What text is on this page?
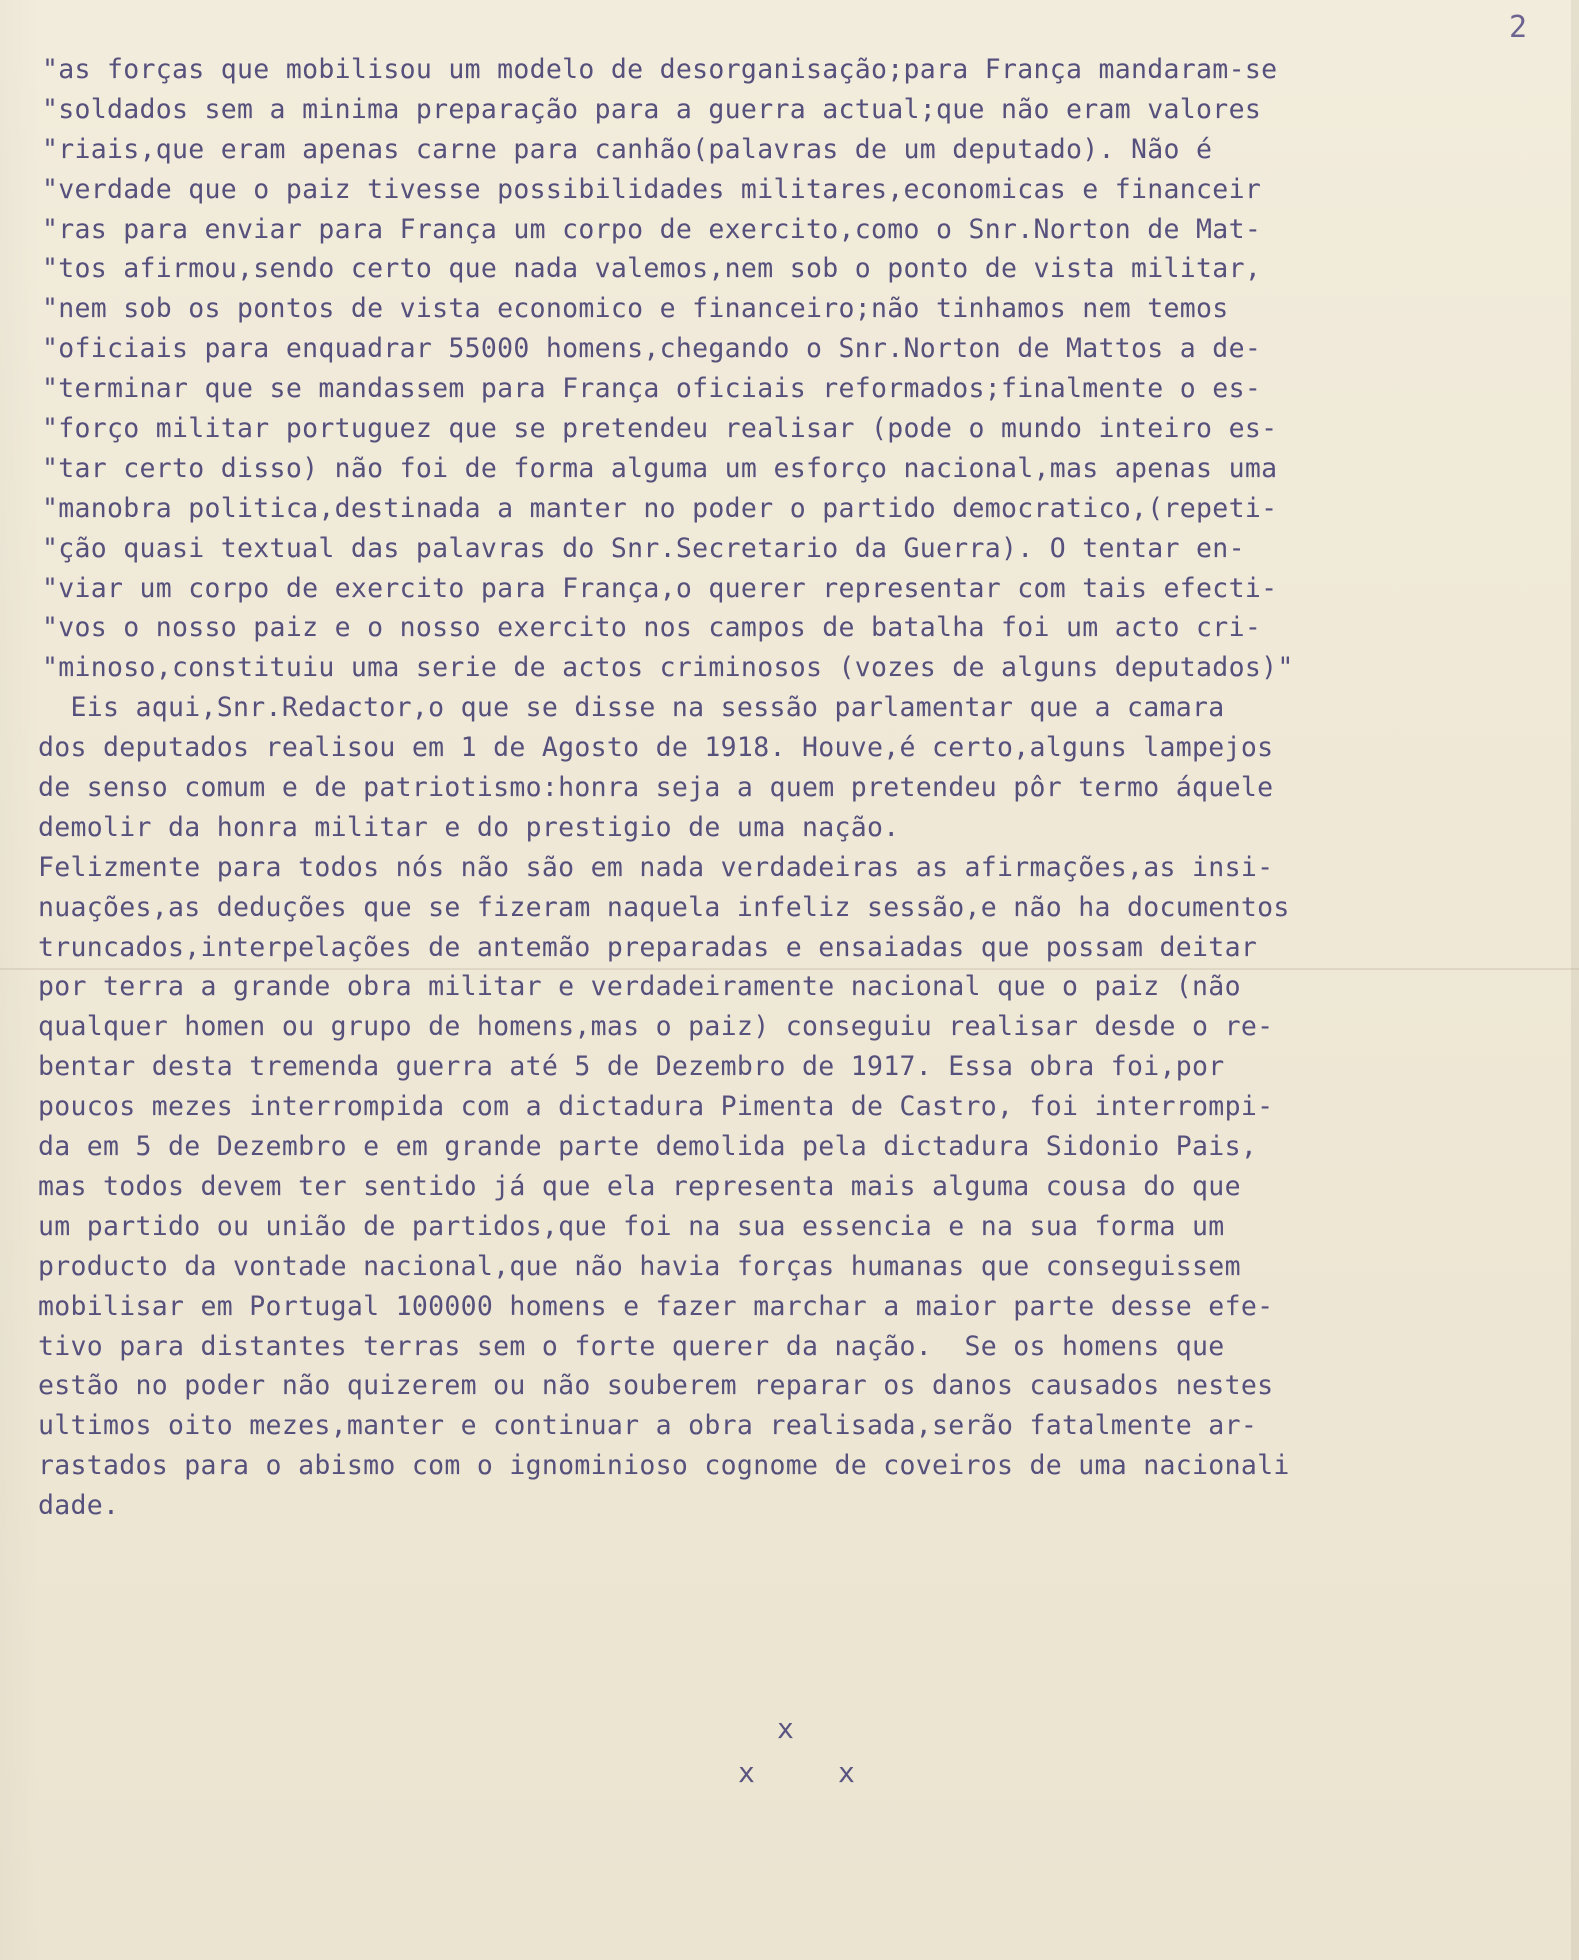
2
"as forças que mobilisou um modelo de desorganisação;para França mandaram-se
"soldados sem a minima preparação para a guerra actual;que não eram valores
"riais,que eram apenas carne para canhão(palavras de um deputado). Não é
"verdade que o paiz tivesse possibilidades militares,economicas e financeir
"ras para enviar para França um corpo de exercito,como o Snr.Norton de Mat-
"tos afirmou,sendo certo que nada valemos,nem sob o ponto de vista militar,
"nem sob os pontos de vista economico e financeiro;não tinhamos nem temos
"oficiais para enquadrar 55000 homens,chegando o Snr.Norton de Mattos a de-
"terminar que se mandassem para França oficiais reformados;finalmente o es-
"forço militar portuguez que se pretendeu realisar (pode o mundo inteiro es-
"tar certo disso) não foi de forma alguma um esforço nacional,mas apenas uma
"manobra politica,destinada a manter no poder o partido democratico,(repeti-
"ção quasi textual das palavras do Snr.Secretario da Guerra). O tentar en-
"viar um corpo de exercito para França,o querer representar com tais efecti-
"vos o nosso paiz e o nosso exercito nos campos de batalha foi um acto cri-
"minoso,constituiu uma serie de actos criminosos (vozes de alguns deputados)"
Eis aqui,Snr.Redactor,o que se disse na sessão parlamentar que a camara
dos deputados realisou em 1 de Agosto de 1918. Houve,é certo,alguns lampejos
de senso comum e de patriotismo:honra seja a quem pretendeu pôr termo áquele
demolir da honra militar e do prestigio de uma nação.
Felizmente para todos nós não são em nada verdadeiras as afirmações,as insi-
nuações,as deduções que se fizeram naquela infeliz sessão,e não ha documentos
truncados,interpelações de antemão preparadas e ensaiadas que possam deitar
por terra a grande obra militar e verdadeiramente nacional que o paiz (não
qualquer homen ou grupo de homens,mas o paiz) conseguiu realisar desde o re-
bentar desta tremenda guerra até 5 de Dezembro de 1917. Essa obra foi,por
poucos mezes interrompida com a dictadura Pimenta de Castro, foi interrompi-
da em 5 de Dezembro e em grande parte demolida pela dictadura Sidonio Pais,
mas todos devem ter sentido já que ela representa mais alguma cousa do que
um partido ou união de partidos,que foi na sua essencia e na sua forma um
producto da vontade nacional,que não havia forças humanas que conseguissem
mobilisar em Portugal 100000 homens e fazer marchar a maior parte desse efe-
tivo para distantes terras sem o forte querer da nação.  Se os homens que
estão no poder não quizerem ou não souberem reparar os danos causados nestes
ultimos oito mezes,manter e continuar a obra realisada,serão fatalmente ar-
rastados para o abismo com o ignominioso cognome de coveiros de uma nacionali
dade.
x
x	x
